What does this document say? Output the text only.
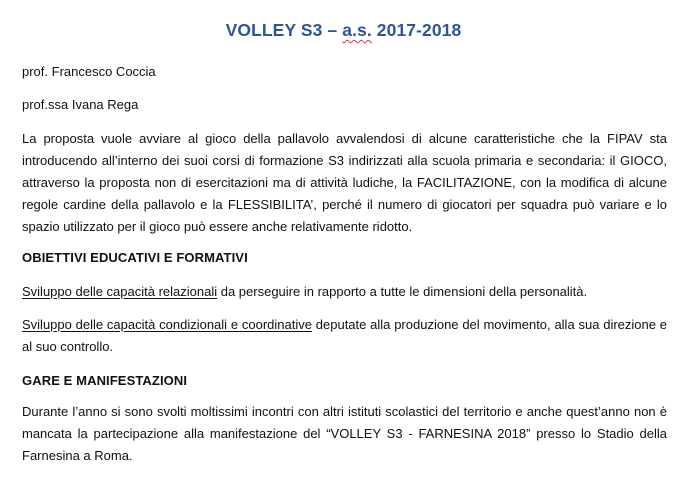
VOLLEY S3 – a.s. 2017-2018
prof. Francesco Coccia
prof.ssa Ivana Rega
La proposta vuole avviare al gioco della pallavolo avvalendosi di alcune caratteristiche che la FIPAV sta introducendo all’interno dei suoi corsi di formazione S3 indirizzati alla scuola primaria e secondaria: il GIOCO, attraverso la proposta non di esercitazioni ma di attività ludiche, la FACILITAZIONE, con la modifica di alcune regole cardine della pallavolo e la FLESSIBILITA’, perché il numero di giocatori per squadra può variare e lo spazio utilizzato per il gioco può essere anche relativamente ridotto.
OBIETTIVI EDUCATIVI E FORMATIVI
Sviluppo delle capacità relazionali da perseguire in rapporto a tutte le dimensioni della personalità.
Sviluppo delle capacità condizionali e coordinative deputate alla produzione del movimento, alla sua direzione e al suo controllo.
GARE E MANIFESTAZIONI
Durante l’anno si sono svolti moltissimi incontri con altri istituti scolastici del territorio e anche quest’anno non è mancata la partecipazione alla manifestazione del “VOLLEY S3 - FARNESINA 2018” presso lo Stadio della Farnesina a Roma.
